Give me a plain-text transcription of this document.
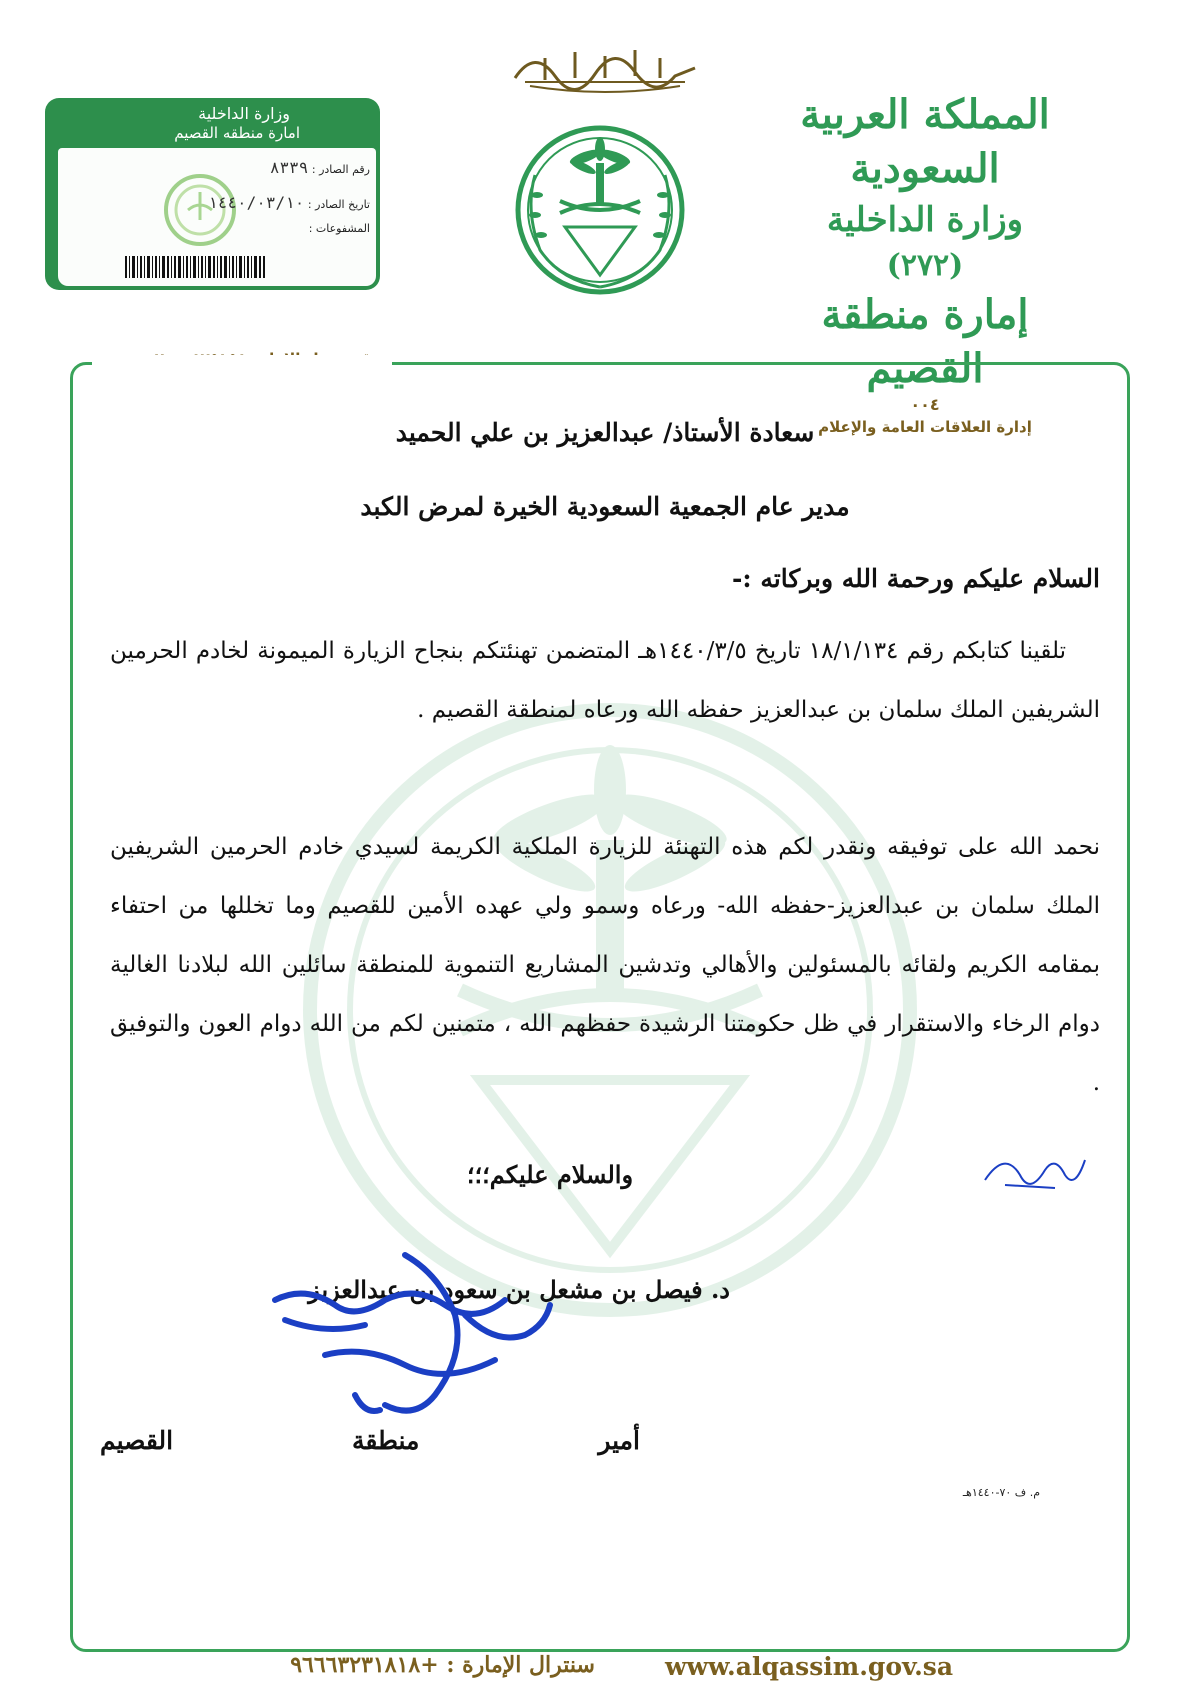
المملكة العربية السعودية
وزارة الداخلية
(٢٧٢)
إمارة منطقة القصيم
٠٠٤
إدارة العلاقات العامة والإعلام
وزارة الداخلية
امارة منطقه القصيم
رقم الصادر : ٨٣٣٩
تاريخ الصادر : ١٤٤٠/٠٣/١٠
المشفوعات :
سعادة الأستاذ/ عبدالعزيز بن علي الحميد
مدير عام الجمعية السعودية الخيرة لمرض الكبد
السلام عليكم ورحمة الله وبركاته :-
تلقينا كتابكم رقم ١٨/١/١٣٤ تاريخ ١٤٤٠/٣/٥هـ المتضمن تهنئتكم بنجاح الزيارة الميمونة لخادم الحرمين الشريفين الملك سلمان بن عبدالعزيز حفظه الله ورعاه لمنطقة القصيم .
نحمد الله على توفيقه ونقدر لكم هذه التهنئة للزيارة الملكية الكريمة لسيدي خادم الحرمين الشريفين الملك سلمان بن عبدالعزيز-حفظه الله- ورعاه وسمو ولي عهده الأمين للقصيم وما تخللها من احتفاء بمقامه الكريم ولقائه بالمسئولين والأهالي وتدشين المشاريع التنموية للمنطقة سائلين الله لبلادنا الغالية دوام الرخاء والاستقرار في ظل حكومتنا الرشيدة حفظهم الله ، متمنين لكم من الله دوام العون والتوفيق .
والسلام عليكم؛؛؛
د. فيصل بن مشعل بن سعود بن عبدالعزيز
أمير منطقة القصيم
م. ف ٧٠-١٤٤٠هـ
www.alqassim.gov.sa
سنترال الإمارة : +٩٦٦٦٣٢٣١٨١٨
